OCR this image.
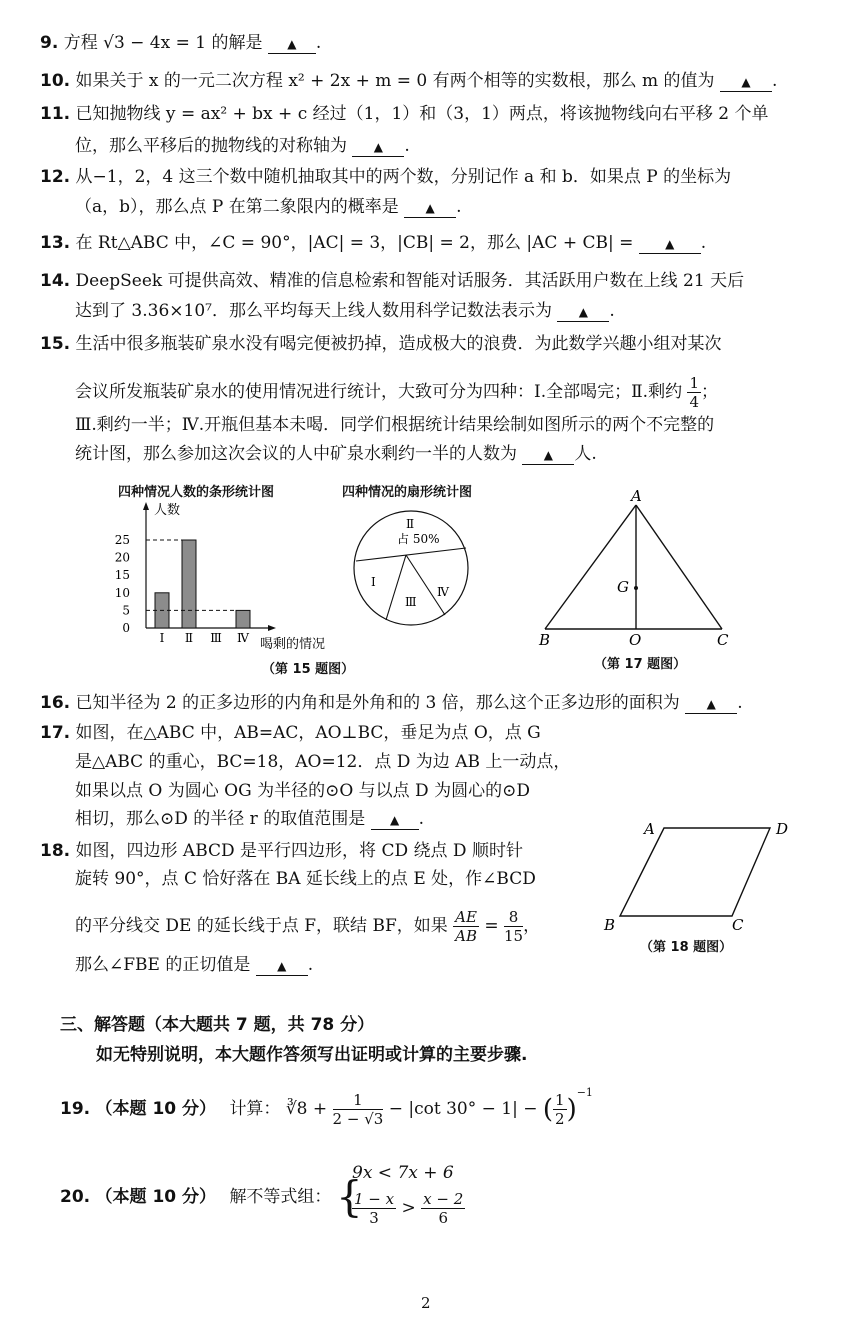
9. 方程 √3 − 4x = 1 的解是 ▲ .
10. 如果关于 x 的一元二次方程 x² + 2x + m = 0 有两个相等的实数根，那么 m 的值为 ▲ .
11. 已知抛物线 y = ax² + bx + c 经过（1，1）和（3，1）两点，将该抛物线向右平移 2 个单
位，那么平移后的抛物线的对称轴为 ▲ .
12. 从−1，2，4 这三个数中随机抽取其中的两个数，分别记作 a 和 b．如果点 P 的坐标为
（a，b），那么点 P 在第二象限内的概率是 ▲ .
13. 在 Rt△ABC 中，∠C = 90°，|AC| = 3，|CB| = 2，那么 |AC + CB| =	▲ .
14. DeepSeek 可提供高效、精准的信息检索和智能对话服务．其活跃用户数在上线 21 天后
达到了 3.36×10⁷．那么平均每天上线人数用科学记数法表示为 ▲ .
15. 生活中很多瓶装矿泉水没有喝完便被扔掉，造成极大的浪费．为此数学兴趣小组对某次
会议所发瓶装矿泉水的使用情况进行统计，大致可分为四种：Ⅰ.全部喝完；Ⅱ.剩约 $\frac{1}{4}$ ；
Ⅲ.剩约一半；Ⅳ.开瓶但基本未喝．同学们根据统计结果绘制如图所示的两个不完整的
统计图，那么参加这次会议的人中矿泉水剩约一半的人数为 ▲ 人.
四种情况人数的条形统计图	四种情况的扇形统计图
（第 15 题图）	（第 17 题图）
（第 18 题图）
人数
喝剩的情况
0
5
10
15
20
25
Ⅰ Ⅱ Ⅲ Ⅳ
Ⅱ
占 50%
Ⅰ
Ⅲ
Ⅳ
A
B	C
O
G
16. 已知半径为 2 的正多边形的内角和是外角和的 3 倍，那么这个正多边形的面积为 ▲ .
17. 如图，在△ABC 中，AB=AC，AO⊥BC，垂足为点 O，点 G
是△ABC 的重心，BC=18，AO=12．点 D 为边 AB 上一动点，
如果以点 O 为圆心 OG 为半径的⊙O 与以点 D 为圆心的⊙D
相切，那么⊙D 的半径 r 的取值范围是 ▲ .
18. 如图，四边形 ABCD 是平行四边形，将 CD 绕点 D 顺时针
旋转 90°，点 C 恰好落在 BA 延长线上的点 E 处，作∠BCD
的平分线交 DE 的延长线于点 F，联结 BF，如果 $\frac{AE}{AB} = \frac{8}{15}$ ，
那么∠FBE 的正切值是 ▲ .
A	D
B	C
三、解答题（本大题共 7 题，共 78 分）
如无特别说明，本大题作答须写出证明或计算的主要步骤.
19. （本题 10 分） 计算： ∛8 + $\frac{1}{2 - √3} - |\cot$ 30° − 1| − ( $\frac{1}{2} )^{-1}$
20. （本题 10 分） 解不等式组： {
9x < 7x + 6
$\frac{1 - x}{3} > \frac{x - 2}{6}$
2
